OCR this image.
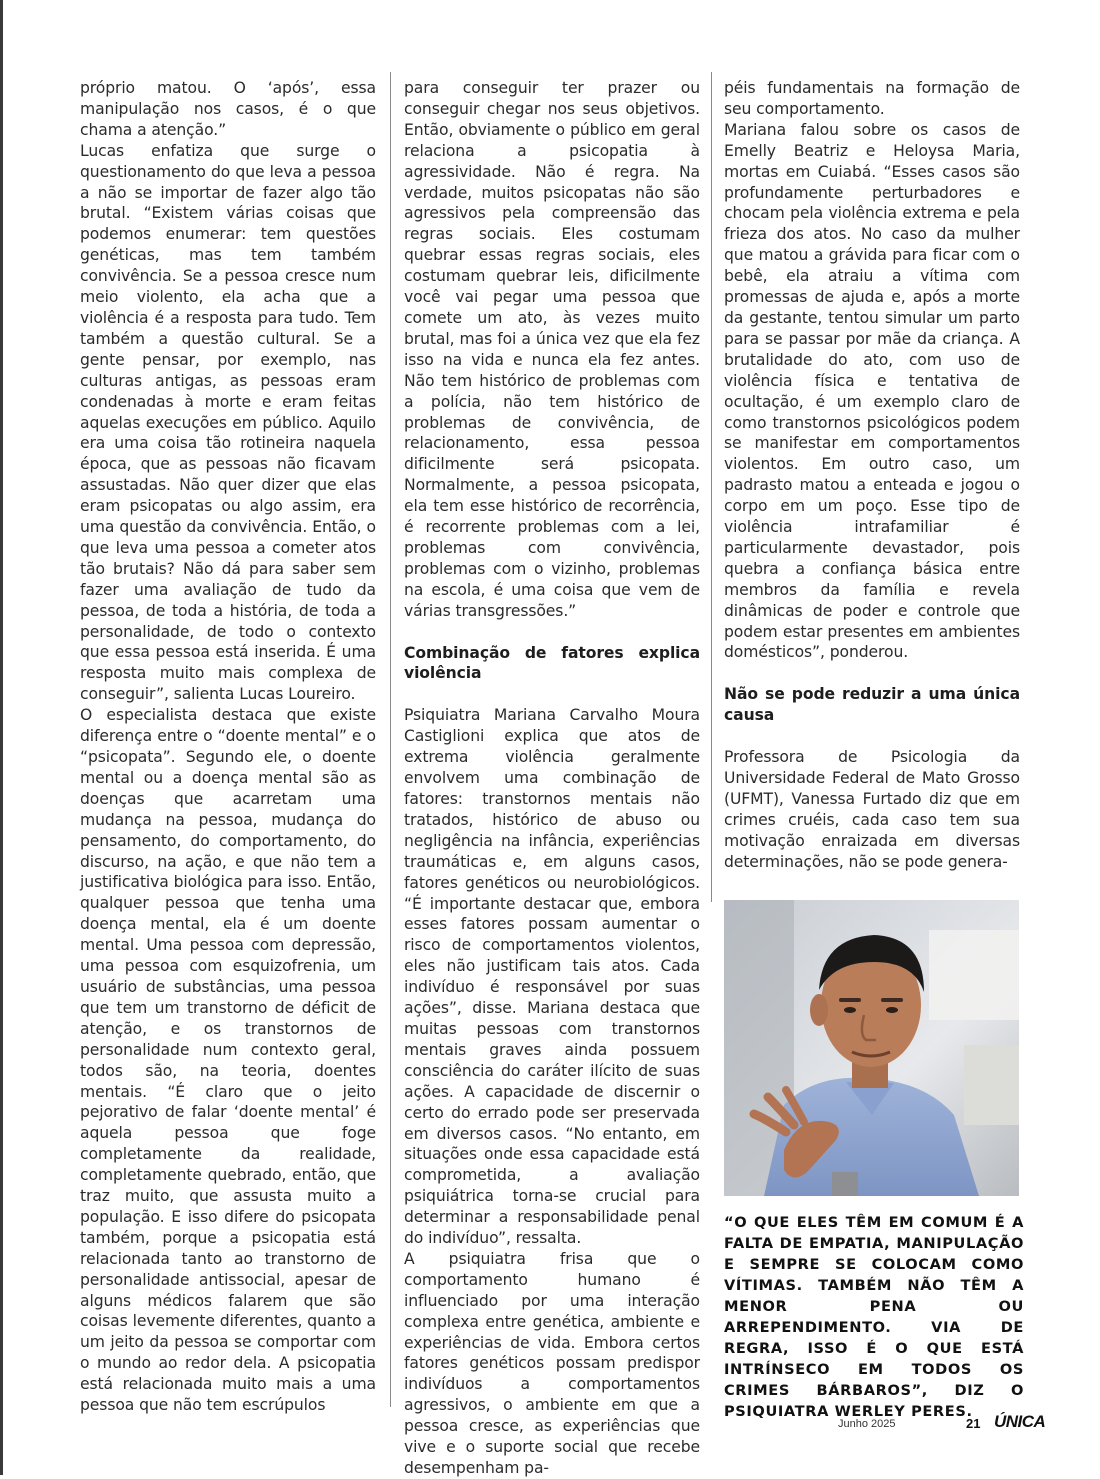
próprio matou. O ‘após’, essa manipulação nos casos, é o que chama a atenção.”

Lucas enfatiza que surge o questionamento do que leva a pessoa a não se importar de fazer algo tão brutal. “Existem várias coisas que podemos enumerar: tem questões genéticas, mas tem também convivência. Se a pessoa cresce num meio violento, ela acha que a violência é a resposta para tudo. Tem também a questão cultural. Se a gente pensar, por exemplo, nas culturas antigas, as pessoas eram condenadas à morte e eram feitas aquelas execuções em público. Aquilo era uma coisa tão rotineira naquela época, que as pessoas não ficavam assustadas. Não quer dizer que elas eram psicopatas ou algo assim, era uma questão da convivência. Então, o que leva uma pessoa a cometer atos tão brutais? Não dá para saber sem fazer uma avaliação de tudo da pessoa, de toda a história, de toda a personalidade, de todo o contexto que essa pessoa está inserida. É uma resposta muito mais complexa de conseguir”, salienta Lucas Loureiro.

O especialista destaca que existe diferença entre o “doente mental” e o “psicopata”. Segundo ele, o doente mental ou a doença mental são as doenças que acarretam uma mudança na pessoa, mudança do pensamento, do comportamento, do discurso, na ação, e que não tem a justificativa biológica para isso. Então, qualquer pessoa que tenha uma doença mental, ela é um doente mental. Uma pessoa com depressão, uma pessoa com esquizofrenia, um usuário de substâncias, uma pessoa que tem um transtorno de déficit de atenção, e os transtornos de personalidade num contexto geral, todos são, na teoria, doentes mentais. “É claro que o jeito pejorativo de falar ‘doente mental’ é aquela pessoa que foge completamente da realidade, completamente quebrado, então, que traz muito, que assusta muito a população. E isso difere do psicopata também, porque a psicopatia está relacionada tanto ao transtorno de personalidade antissocial, apesar de alguns médicos falarem que são coisas levemente diferentes, quanto a um jeito da pessoa se comportar com o mundo ao redor dela. A psicopatia está relacionada muito mais a uma pessoa que não tem escrúpulos

para conseguir ter prazer ou conseguir chegar nos seus objetivos. Então, obviamente o público em geral relaciona a psicopatia à agressividade. Não é regra. Na verdade, muitos psicopatas não são agressivos pela compreensão das regras sociais. Eles costumam quebrar essas regras sociais, eles costumam quebrar leis, dificilmente você vai pegar uma pessoa que comete um ato, às vezes muito brutal, mas foi a única vez que ela fez isso na vida e nunca ela fez antes. Não tem histórico de problemas com a polícia, não tem histórico de problemas de convivência, de relacionamento, essa pessoa dificilmente será psicopata. Normalmente, a pessoa psicopata, ela tem esse histórico de recorrência, é recorrente problemas com a lei, problemas com convivência, problemas com o vizinho, problemas na escola, é uma coisa que vem de várias transgressões.”

Combinação de fatores explica violência

Psiquiatra Mariana Carvalho Moura Castiglioni explica que atos de extrema violência geralmente envolvem uma combinação de fatores: transtornos mentais não tratados, histórico de abuso ou negligência na infância, experiências traumáticas e, em alguns casos, fatores genéticos ou neurobiológicos. “É importante destacar que, embora esses fatores possam aumentar o risco de comportamentos violentos, eles não justificam tais atos. Cada indivíduo é responsável por suas ações”, disse. Mariana destaca que muitas pessoas com transtornos mentais graves ainda possuem consciência do caráter ilícito de suas ações. A capacidade de discernir o certo do errado pode ser preservada em diversos casos. “No entanto, em situações onde essa capacidade está comprometida, a avaliação psiquiátrica torna-se crucial para determinar a responsabilidade penal do indivíduo”, ressalta.

A psiquiatra frisa que o comportamento humano é influenciado por uma interação complexa entre genética, ambiente e experiências de vida. Embora certos fatores genéticos possam predispor indivíduos a comportamentos agressivos, o ambiente em que a pessoa cresce, as experiências que vive e o suporte social que recebe desempenham pa-

péis fundamentais na formação de seu comportamento.

Mariana falou sobre os casos de Emelly Beatriz e Heloysa Maria, mortas em Cuiabá. “Esses casos são profundamente perturbadores e chocam pela violência extrema e pela frieza dos atos. No caso da mulher que matou a grávida para ficar com o bebê, ela atraiu a vítima com promessas de ajuda e, após a morte da gestante, tentou simular um parto para se passar por mãe da criança. A brutalidade do ato, com uso de violência física e tentativa de ocultação, é um exemplo claro de como transtornos psicológicos podem se manifestar em comportamentos violentos. Em outro caso, um padrasto matou a enteada e jogou o corpo em um poço. Esse tipo de violência intrafamiliar é particularmente devastador, pois quebra a confiança básica entre membros da família e revela dinâmicas de poder e controle que podem estar presentes em ambientes domésticos”, ponderou.

Não se pode reduzir a uma única causa

Professora de Psicologia da Universidade Federal de Mato Grosso (UFMT), Vanessa Furtado diz que em crimes cruéis, cada caso tem sua motivação enraizada em diversas determinações, não se pode genera-

“O QUE ELES TÊM EM COMUM É A FALTA DE EMPATIA, MANIPULAÇÃO E SEMPRE SE COLOCAM COMO VÍTIMAS. TAMBÉM NÃO TÊM A MENOR PENA OU ARREPENDIMENTO. VIA DE REGRA, ISSO É O QUE ESTÁ INTRÍNSECO EM TODOS OS CRIMES BÁRBAROS”, DIZ O PSIQUIATRA WERLEY PERES.
Junho 2025	21 ÚNICA
